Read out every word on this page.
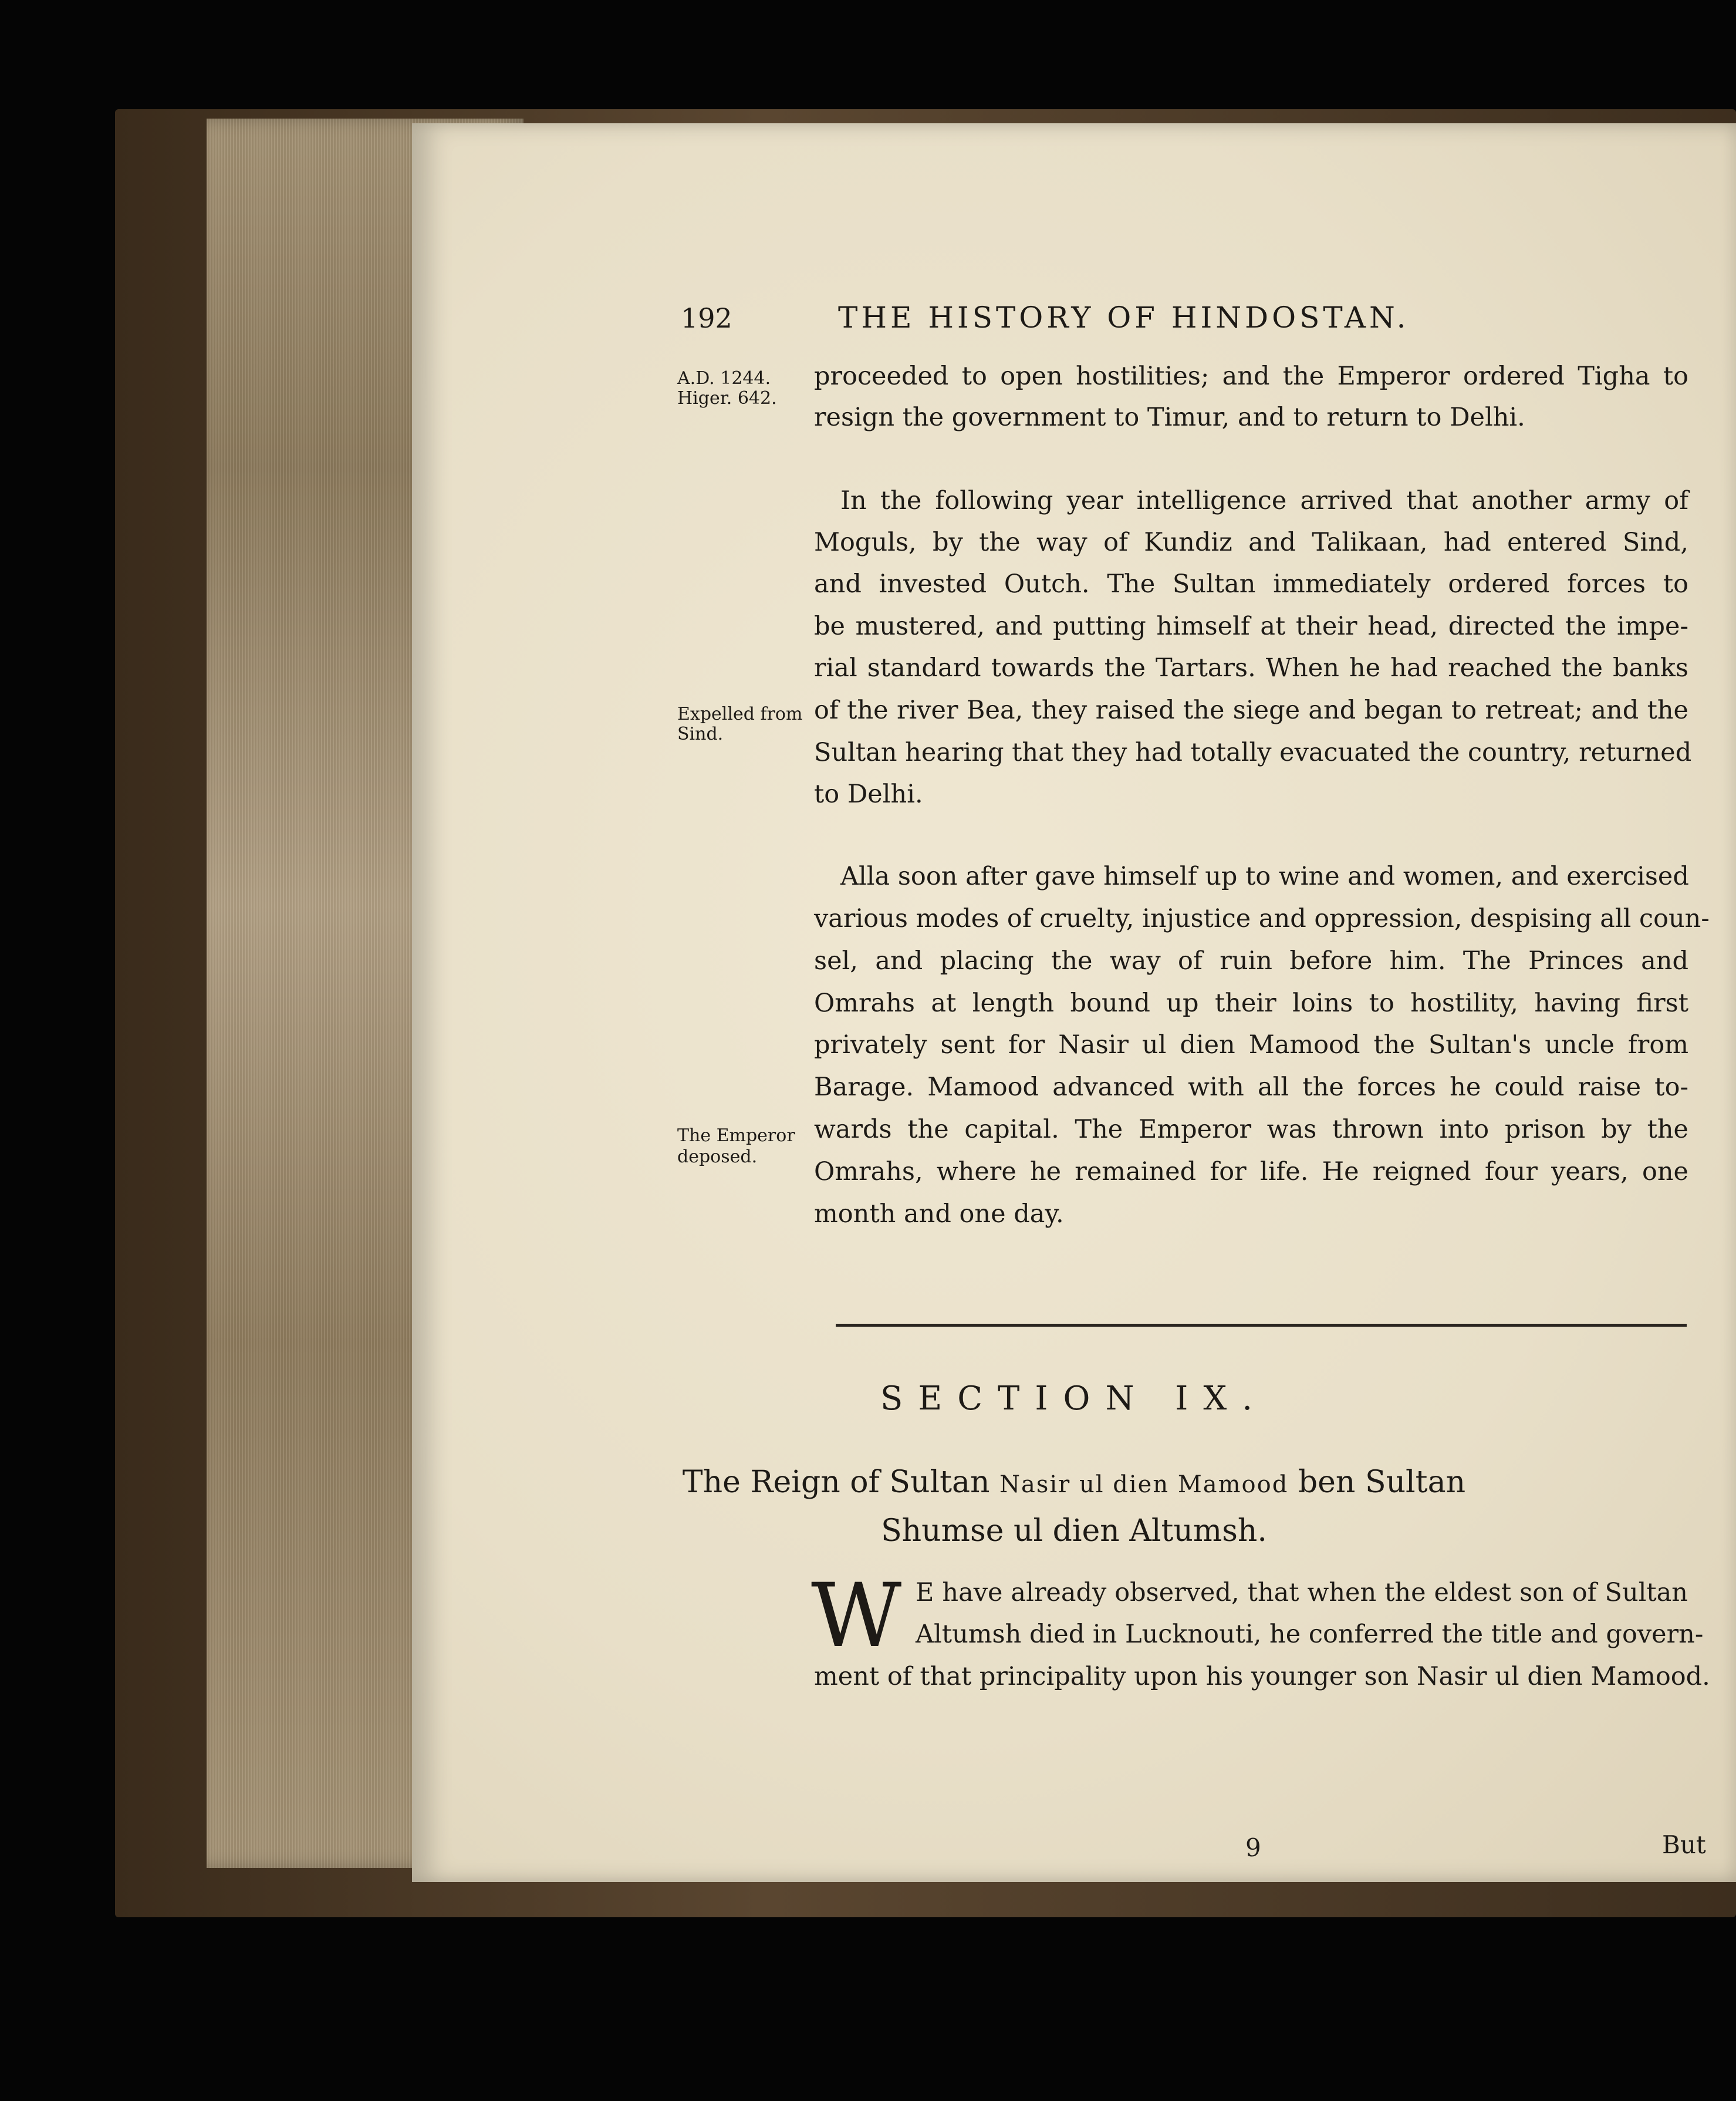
192	THE HISTORY OF HINDOSTAN.
A.D. 1244.
Higer. 642.
proceeded to open hostilities; and the Emperor ordered Tigha to
resign the government to Timur, and to return to Delhi.
In the following year intelligence arrived that another army of
Moguls, by the way of Kundiz and Talikaan, had entered Sind,
and invested Outch. The Sultan immediately ordered forces to
be mustered, and putting himself at their head, directed the impe-
rial standard towards the Tartars. When he had reached the banks
of the river Bea, they raised the siege and began to retreat; and the
Sultan hearing that they had totally evacuated the country, returned
to Delhi.
Expelled from
Sind.
Alla soon after gave himself up to wine and women, and exercised
various modes of cruelty, injustice and oppression, despising all coun-
sel, and placing the way of ruin before him. The Princes and
Omrahs at length bound up their loins to hostility, having first
privately sent for Nasir ul dien Mamood the Sultan's uncle from
Barage. Mamood advanced with all the forces he could raise to-
wards the capital. The Emperor was thrown into prison by the
Omrahs, where he remained for life. He reigned four years, one
month and one day.
The Emperor
deposed.
SECTION IX.
The Reign of Sultan Nasir ul dien Mamood ben Sultan
Shumse ul dien Altumsh.
W E have already observed, that when the eldest son of Sultan
Altumsh died in Lucknouti, he conferred the title and govern-
ment of that principality upon his younger son Nasir ul dien Mamood.
9	But
